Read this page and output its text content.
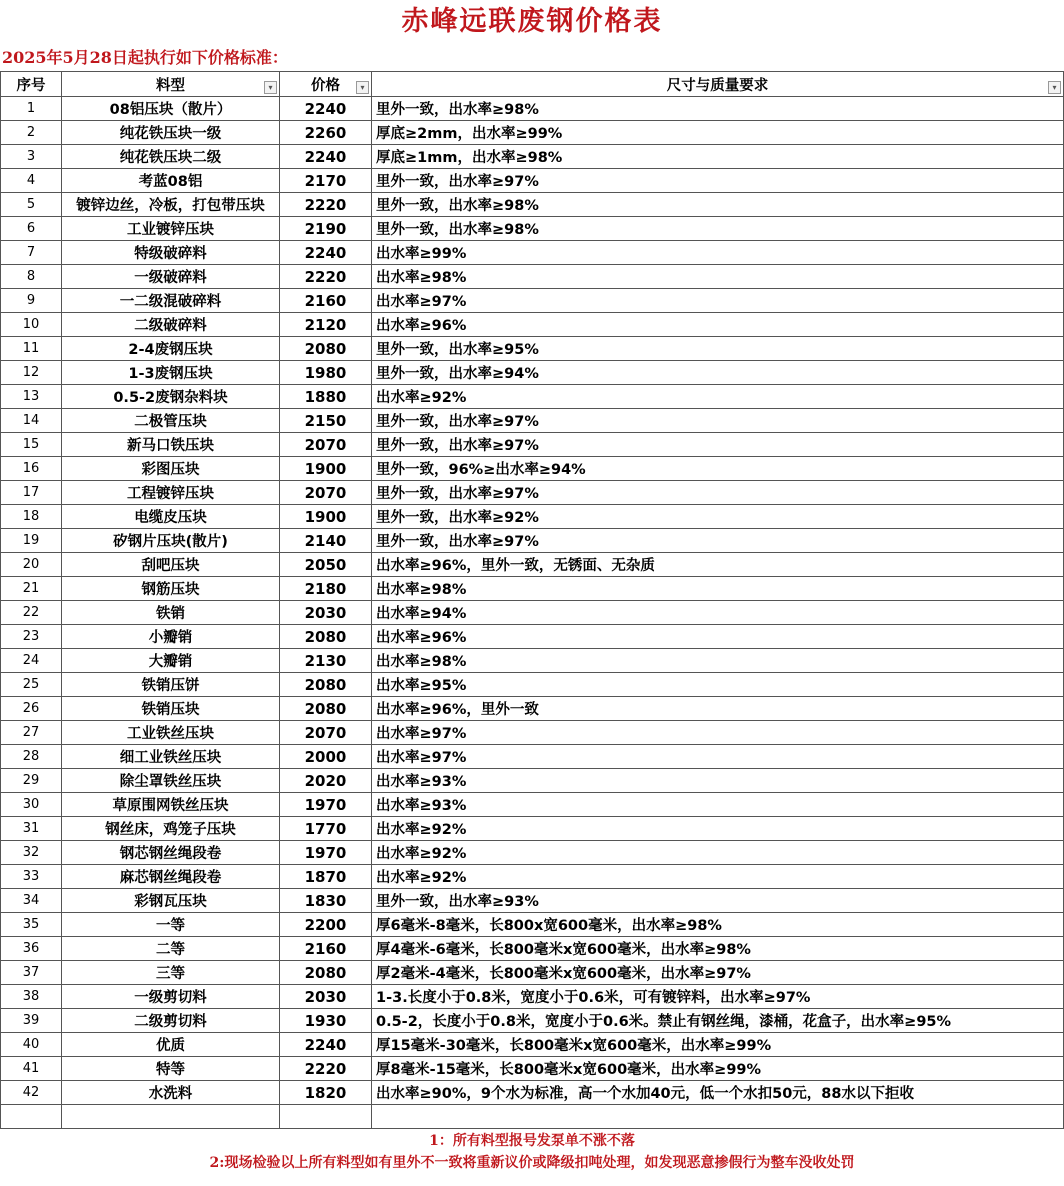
赤峰远联废钢价格表
2025年5月28日起执行如下价格标准：
序号	料型 ▾	价格 ▾	尺寸与质量要求 ▾

1	08铝压块（散片）	2240	里外一致，出水率≥98%
2	纯花铁压块一级	2260	厚底≥2mm，出水率≥99%
3	纯花铁压块二级	2240	厚底≥1mm，出水率≥98%
4	考蓝08铝	2170	里外一致，出水率≥97%
5	镀锌边丝，冷板，打包带压块	2220	里外一致，出水率≥98%
6	工业镀锌压块	2190	里外一致，出水率≥98%
7	特级破碎料	2240	出水率≥99%
8	一级破碎料	2220	出水率≥98%
9	一二级混破碎料	2160	出水率≥97%
10	二级破碎料	2120	出水率≥96%
11	2-4废钢压块	2080	里外一致，出水率≥95%
12	1-3废钢压块	1980	里外一致，出水率≥94%
13	0.5-2废钢杂料块	1880	出水率≥92%
14	二极管压块	2150	里外一致，出水率≥97%
15	新马口铁压块	2070	里外一致，出水率≥97%
16	彩图压块	1900	里外一致，96%≥出水率≥94%
17	工程镀锌压块	2070	里外一致，出水率≥97%
18	电缆皮压块	1900	里外一致，出水率≥92%
19	矽钢片压块(散片)	2140	里外一致，出水率≥97%
20	刮吧压块	2050	出水率≥96%，里外一致，无锈面、无杂质
21	钢筋压块	2180	出水率≥98%
22	铁销	2030	出水率≥94%
23	小瓣销	2080	出水率≥96%
24	大瓣销	2130	出水率≥98%
25	铁销压饼	2080	出水率≥95%
26	铁销压块	2080	出水率≥96%，里外一致
27	工业铁丝压块	2070	出水率≥97%
28	细工业铁丝压块	2000	出水率≥97%
29	除尘罩铁丝压块	2020	出水率≥93%
30	草原围网铁丝压块	1970	出水率≥93%
31	钢丝床，鸡笼子压块	1770	出水率≥92%
32	钢芯钢丝绳段卷	1970	出水率≥92%
33	麻芯钢丝绳段卷	1870	出水率≥92%
34	彩钢瓦压块	1830	里外一致，出水率≥93%
35	一等	2200	厚6毫米-8毫米，长800x宽600毫米，出水率≥98%
36	二等	2160	厚4毫米-6毫米，长800毫米x宽600毫米，出水率≥98%
37	三等	2080	厚2毫米-4毫米，长800毫米x宽600毫米，出水率≥97%
38	一级剪切料	2030	1-3.长度小于0.8米，宽度小于0.6米，可有镀锌料，出水率≥97%
39	二级剪切料	1930	0.5-2，长度小于0.8米，宽度小于0.6米。禁止有钢丝绳，漆桶，花盒子，出水率≥95%
40	优质	2240	厚15毫米-30毫米，长800毫米x宽600毫米，出水率≥99%
41	特等	2220	厚8毫米-15毫米，长800毫米x宽600毫米，出水率≥99%
42	水洗料	1820	出水率≥90%，9个水为标准，高一个水加40元，低一个水扣50元，88水以下拒收

1：所有料型报号发泵单不涨不落
2:现场检验以上所有料型如有里外不一致将重新议价或降级扣吨处理，如发现恶意掺假行为整车没收处罚
